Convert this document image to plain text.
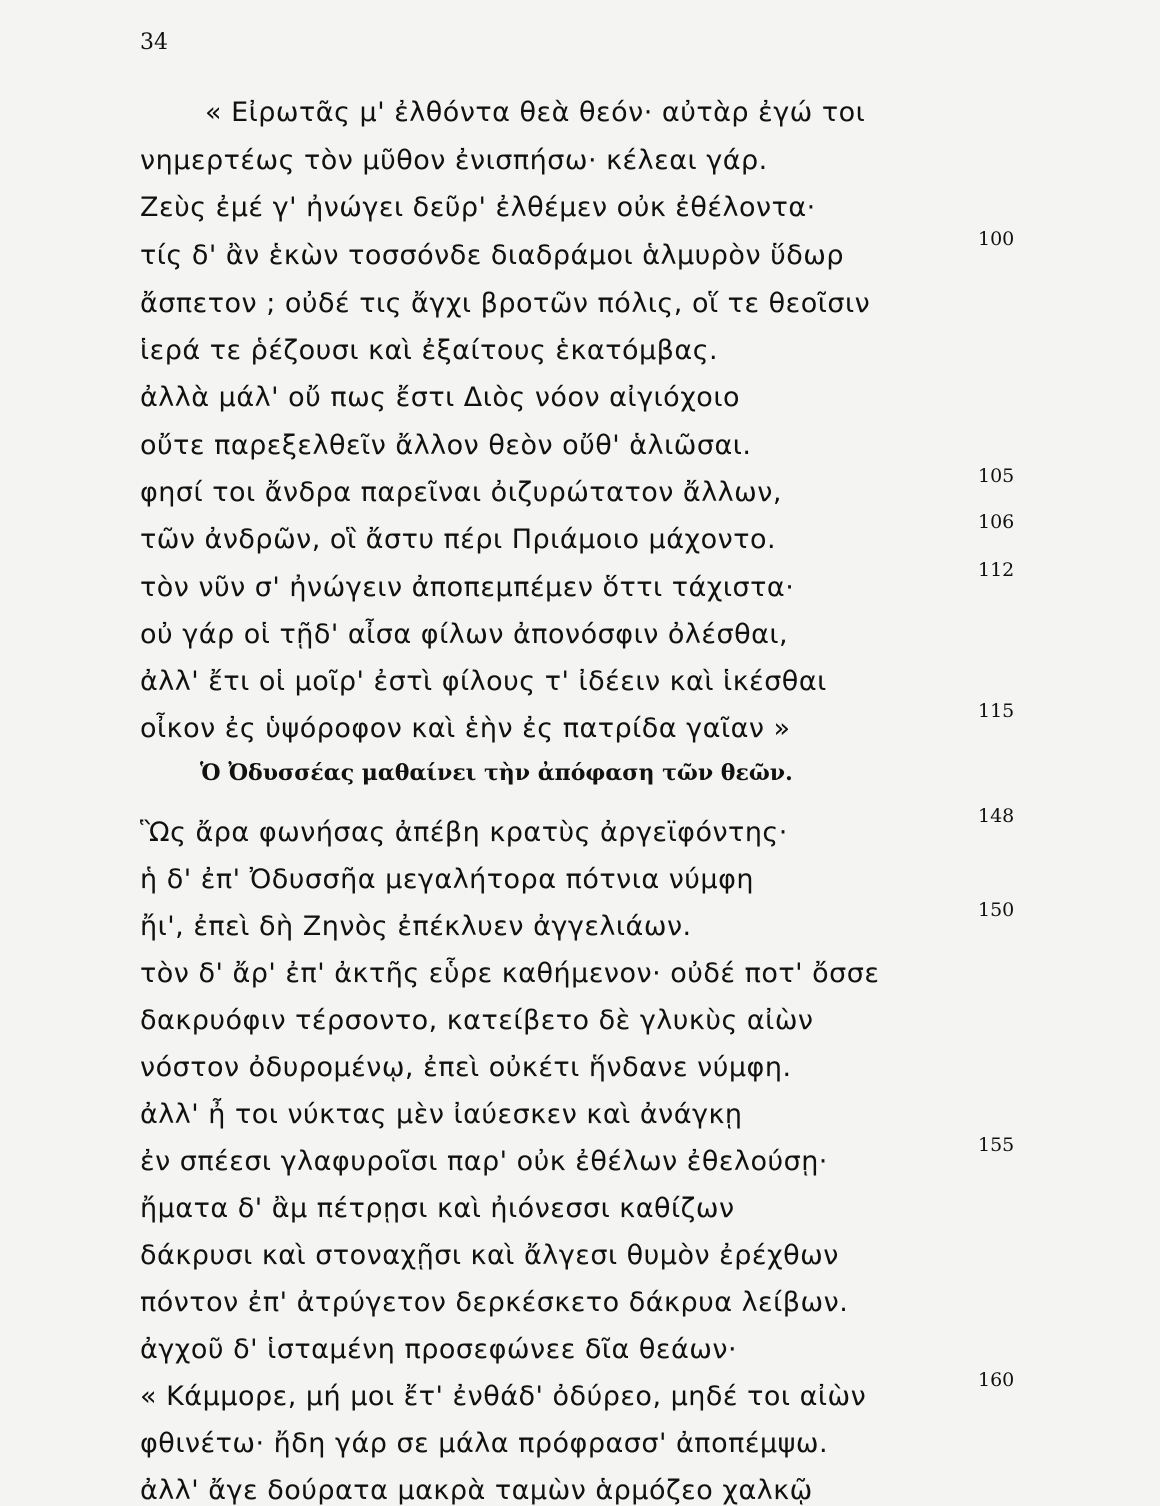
34
« Εἰρωτᾶς μ' ἐλθόντα θεὰ θεόν· αὐτὰρ ἐγώ τοι
νημερτέως τὸν μῦθον ἐνισπήσω· κέλεαι γάρ.
Ζεὺς ἐμέ γ' ἠνώγει δεῦρ' ἐλθέμεν οὐκ ἐθέλοντα·
τίς δ' ἂν ἑκὼν τοσσόνδε διαδράμοι ἁλμυρὸν ὕδωρ
ἄσπετον ; οὐδέ τις ἄγχι βροτῶν πόλις, οἵ τε θεοῖσιν
ἱερά τε ῥέζουσι καὶ ἐξαίτους ἑκατόμβας.
ἀλλὰ μάλ' οὔ πως ἔστι Διὸς νόον αἰγιόχοιο
οὔτε παρεξελθεῖν ἄλλον θεὸν οὔθ' ἁλιῶσαι.
φησί τοι ἄνδρα παρεῖναι ὀιζυρώτατον ἄλλων,
τῶν ἀνδρῶν, οἳ ἄστυ πέρι Πριάμοιο μάχοντο.
τὸν νῦν σ' ἠνώγειν ἀποπεμπέμεν ὅττι τάχιστα·
οὐ γάρ οἱ τῇδ' αἶσα φίλων ἀπονόσφιν ὀλέσθαι,
ἀλλ' ἔτι οἱ μοῖρ' ἐστὶ φίλους τ' ἰδέειν καὶ ἱκέσθαι
οἶκον ἐς ὑψόροφον καὶ ἑὴν ἐς πατρίδα γαῖαν »
100
105
106
112
115
Ὁ Ὀδυσσέας μαθαίνει τὴν ἀπόφαση τῶν θεῶν.
Ὣς ἄρα φωνήσας ἀπέβη κρατὺς ἀργεϊφόντης·
ἡ δ' ἐπ' Ὀδυσσῆα μεγαλήτορα πότνια νύμφη
ἤι', ἐπεὶ δὴ Ζηνὸς ἐπέκλυεν ἀγγελιάων.
τὸν δ' ἄρ' ἐπ' ἀκτῆς εὗρε καθήμενον· οὐδέ ποτ' ὄσσε
δακρυόφιν τέρσοντο, κατείβετο δὲ γλυκὺς αἰὼν
νόστον ὀδυρομένῳ, ἐπεὶ οὐκέτι ἥνδανε νύμφη.
ἀλλ' ἦ τοι νύκτας μὲν ἰαύεσκεν καὶ ἀνάγκῃ
ἐν σπέεσι γλαφυροῖσι παρ' οὐκ ἐθέλων ἐθελούσῃ·
ἤματα δ' ἂμ πέτρῃσι καὶ ἠιόνεσσι καθίζων
δάκρυσι καὶ στοναχῇσι καὶ ἄλγεσι θυμὸν ἐρέχθων
πόντον ἐπ' ἀτρύγετον δερκέσκετο δάκρυα λείβων.
ἀγχοῦ δ' ἱσταμένη προσεφώνεε δῖα θεάων·
« Κάμμορε, μή μοι ἔτ' ἐνθάδ' ὀδύρεο, μηδέ τοι αἰὼν
φθινέτω· ἤδη γάρ σε μάλα πρόφρασσ' ἀποπέμψω.
ἀλλ' ἄγε δούρατα μακρὰ ταμὼν ἁρμόζεο χαλκῷ
148
150
155
160
